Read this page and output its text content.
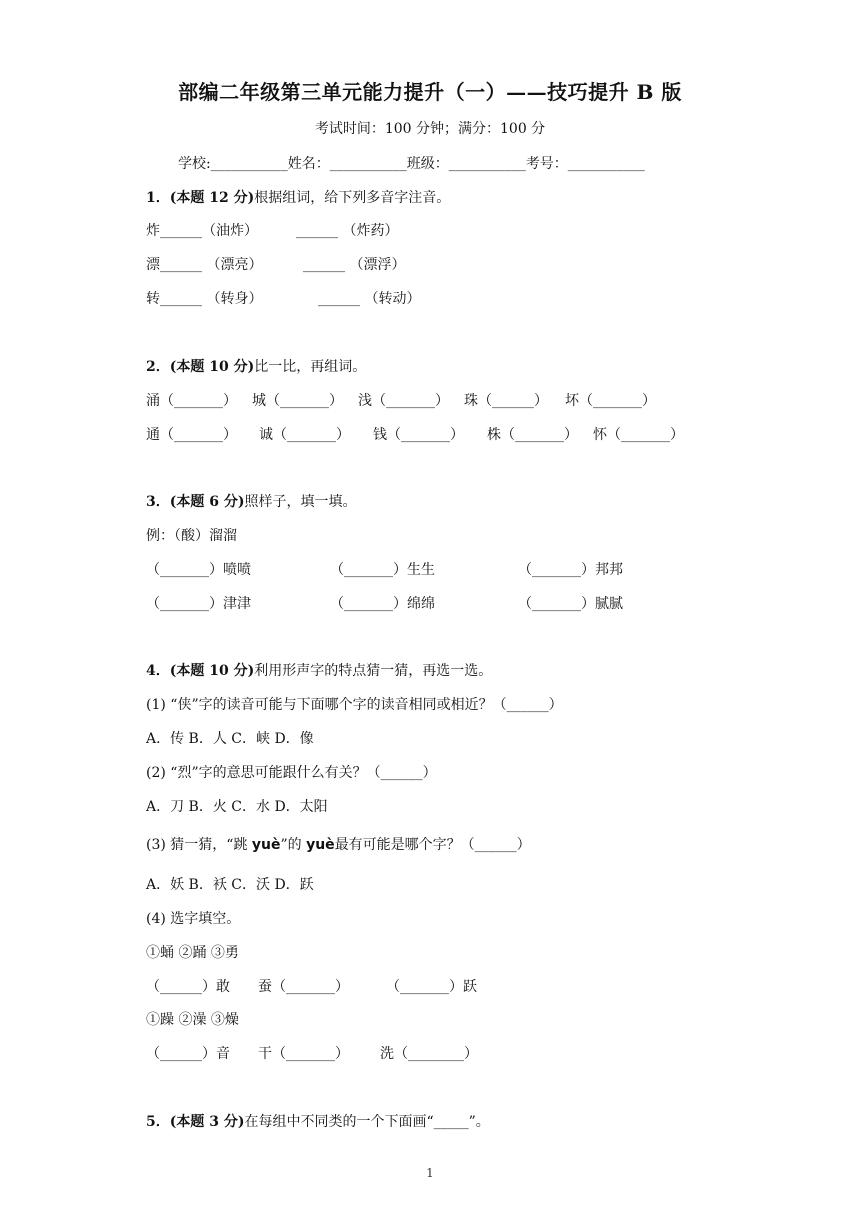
部编二年级第三单元能力提升（一）——技巧提升 B 版
考试时间：100 分钟；满分：100 分
学校:___________姓名：___________班级：___________考号：___________
1．(本题 12 分)根据组词，给下列多音字注音。
炸______（油炸）	______ （炸药）
漂______ （漂亮）	______ （漂浮）
转______ （转身）	______ （转动）
2．(本题 10 分)比一比，再组词。
涌（_______） 城（_______） 浅（_______） 珠（______） 坏（_______）
通（_______） 诚（_______） 钱（_______） 株（_______） 怀（_______）
3．(本题 6 分)照样子，填一填。
例：（酸）溜溜
（_______）喷喷	（_______）生生	（_______）邦邦
（_______）津津	（_______）绵绵	（_______）腻腻
4．(本题 10 分)利用形声字的特点猜一猜，再选一选。
(1) “侠”字的读音可能与下面哪个字的读音相同或相近？（______）
A．传 B．人 C．峡 D．像
(2) “烈”字的意思可能跟什么有关？（______）
A．刀 B．火 C．水 D．太阳
(3) 猜一猜，“跳 yuè”的 yuè最有可能是哪个字？（______）
A．妖 B．袄 C．沃 D．跃
(4) 选字填空。
①蛹 ②踊 ③勇
（______）敢 蚕（_______）	（_______）跃
①躁 ②澡 ③燥
（______）音 干（_______） 洗（________）
5．(本题 3 分)在每组中不同类的一个下面画“_____”。
1
